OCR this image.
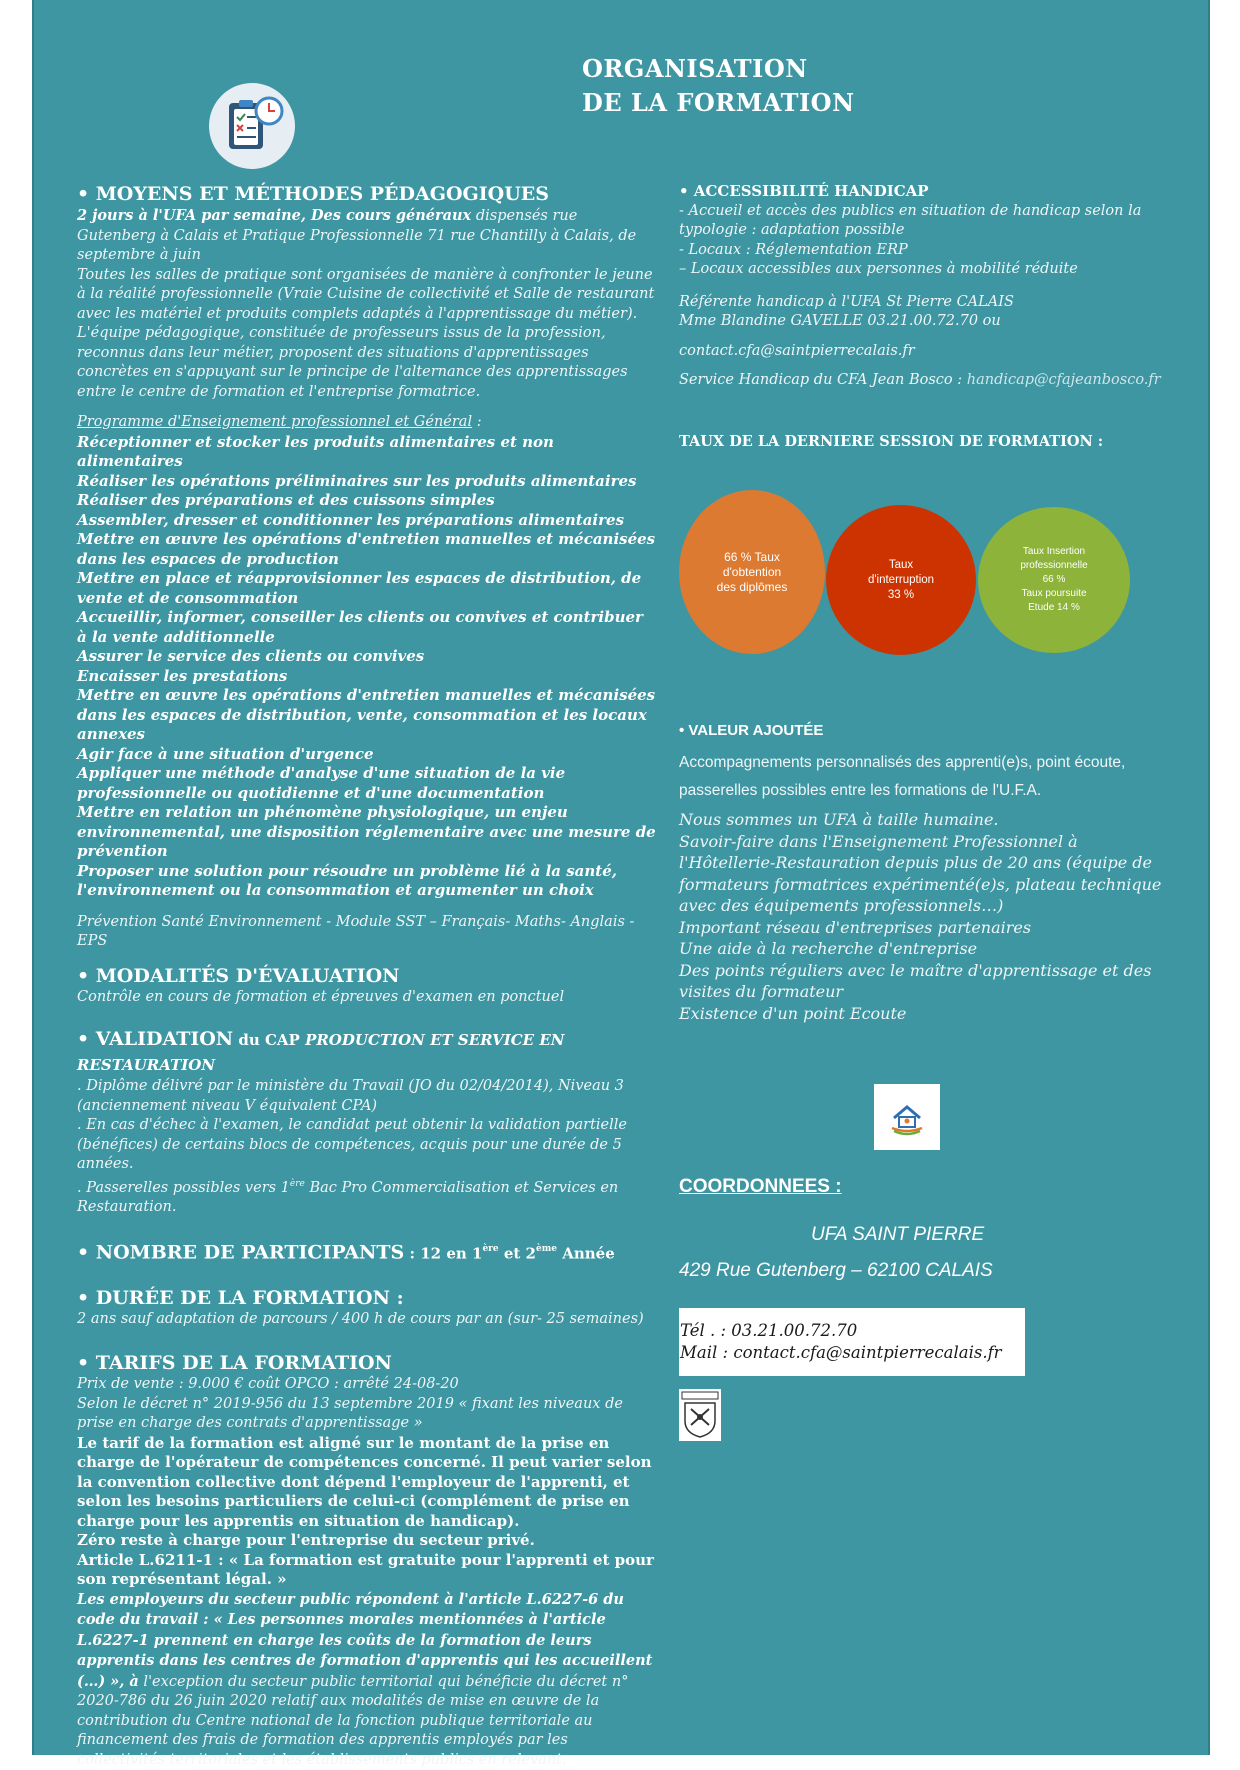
ORGANISATION
DE LA FORMATION
• MOYENS ET MÉTHODES PÉDAGOGIQUES

2 jours à l'UFA par semaine, Des cours généraux dispensés rue Gutenberg à Calais et Pratique Professionnelle 71 rue Chantilly à Calais, de septembre à juin

Toutes les salles de pratique sont organisées de manière à confronter le jeune à la réalité professionnelle (Vraie Cuisine de collectivité et Salle de restaurant avec les matériel et produits complets adaptés à l'apprentissage du métier). L'équipe pédagogique, constituée de professeurs issus de la profession, reconnus dans leur métier, proposent des situations d'apprentissages concrètes en s'appuyant sur le principe de l'alternance des apprentissages entre le centre de formation et l'entreprise formatrice.

Programme d'Enseignement professionnel et Général :

Réceptionner et stocker les produits alimentaires et non alimentaires

Réaliser les opérations préliminaires sur les produits alimentaires

Réaliser des préparations et des cuissons simples

Assembler, dresser et conditionner les préparations alimentaires

Mettre en œuvre les opérations d'entretien manuelles et mécanisées dans les espaces de production

Mettre en place et réapprovisionner les espaces de distribution, de vente et de consommation

Accueillir, informer, conseiller les clients ou convives et contribuer à la vente additionnelle

Assurer le service des clients ou convives

Encaisser les prestations

Mettre en œuvre les opérations d'entretien manuelles et mécanisées dans les espaces de distribution, vente, consommation et les locaux annexes

Agir face à une situation d'urgence

Appliquer une méthode d'analyse d'une situation de la vie professionnelle ou quotidienne et d'une documentation

Mettre en relation un phénomène physiologique, un enjeu environnemental, une disposition réglementaire avec une mesure de prévention

Proposer une solution pour résoudre un problème lié à la santé, l'environnement ou la consommation et argumenter un choix

Prévention Santé Environnement - Module SST – Français- Maths- Anglais - EPS

• MODALITÉS D'ÉVALUATION

Contrôle en cours de formation et épreuves d'examen en ponctuel

• VALIDATION du CAP PRODUCTION ET SERVICE EN RESTAURATION

. Diplôme délivré par le ministère du Travail (JO du 02/04/2014), Niveau 3 (anciennement niveau V équivalent CPA)

. En cas d'échec à l'examen, le candidat peut obtenir la validation partielle (bénéfices) de certains blocs de compétences, acquis pour une durée de 5 années.

. Passerelles possibles vers 1ère Bac Pro Commercialisation et Services en Restauration.

• NOMBRE DE PARTICIPANTS : 12 en 1ère et 2ème Année
• DURÉE DE LA FORMATION :

2 ans sauf adaptation de parcours / 400 h de cours par an (sur- 25 semaines)

• TARIFS DE LA FORMATION

Prix de vente : 9.000 € coût OPCO : arrêté 24-08-20

Selon le décret n° 2019-956 du 13 septembre 2019 « fixant les niveaux de prise en charge des contrats d'apprentissage »

Le tarif de la formation est aligné sur le montant de la prise en charge de l'opérateur de compétences concerné. Il peut varier selon la convention collective dont dépend l'employeur de l'apprenti, et selon les besoins particuliers de celui-ci (complément de prise en charge pour les apprentis en situation de handicap).

Zéro reste à charge pour l'entreprise du secteur privé.

Article L.6211-1 : « La formation est gratuite pour l'apprenti et pour son représentant légal. »

Les employeurs du secteur public répondent à l'article L.6227-6 du code du travail : « Les personnes morales mentionnées à l'article L.6227-1 prennent en charge les coûts de la formation de leurs apprentis dans les centres de formation d'apprentis qui les accueillent (…) », à l'exception du secteur public territorial qui bénéficie du décret n° 2020-786 du 26 juin 2020 relatif aux modalités de mise en œuvre de la contribution du Centre national de la fonction publique territoriale au financement des frais de formation des apprentis employés par les collectivités territoriales et les établissements publics en relevant.

• ACCESSIBILITÉ HANDICAP

- Accueil et accès des publics en situation de handicap selon la typologie : adaptation possible

- Locaux : Réglementation ERP

– Locaux accessibles aux personnes à mobilité réduite

Référente handicap à l'UFA St Pierre CALAIS

Mme Blandine GAVELLE 03.21.00.72.70 ou

contact.cfa@saintpierrecalais.fr

Service Handicap du CFA Jean Bosco : handicap@cfajeanbosco.fr

TAUX DE LA DERNIERE SESSION DE FORMATION :

66 % Taux
d'obtention
des diplômes
Taux
d'interruption
33 %
Taux Insertion
professionnelle
66 %
Taux poursuite
Etude 14 %

• VALEUR AJOUTÉE

Accompagnements personnalisés des apprenti(e)s, point écoute, passerelles possibles entre les formations de l'U.F.A.

Nous sommes un UFA à taille humaine.
Savoir-faire dans l'Enseignement Professionnel à l'Hôtellerie-Restauration depuis plus de 20 ans (équipe de formateurs formatrices expérimenté(e)s, plateau technique avec des équipements professionnels…)
Important réseau d'entreprises partenaires
Une aide à la recherche d'entreprise
Des points réguliers avec le maître d'apprentissage et des visites du formateur
Existence d'un point Ecoute

COORDONNEES :

UFA SAINT PIERRE
429 Rue Gutenberg – 62100 CALAIS
Tél . : 03.21.00.72.70
Mail : contact.cfa@saintpierrecalais.fr
